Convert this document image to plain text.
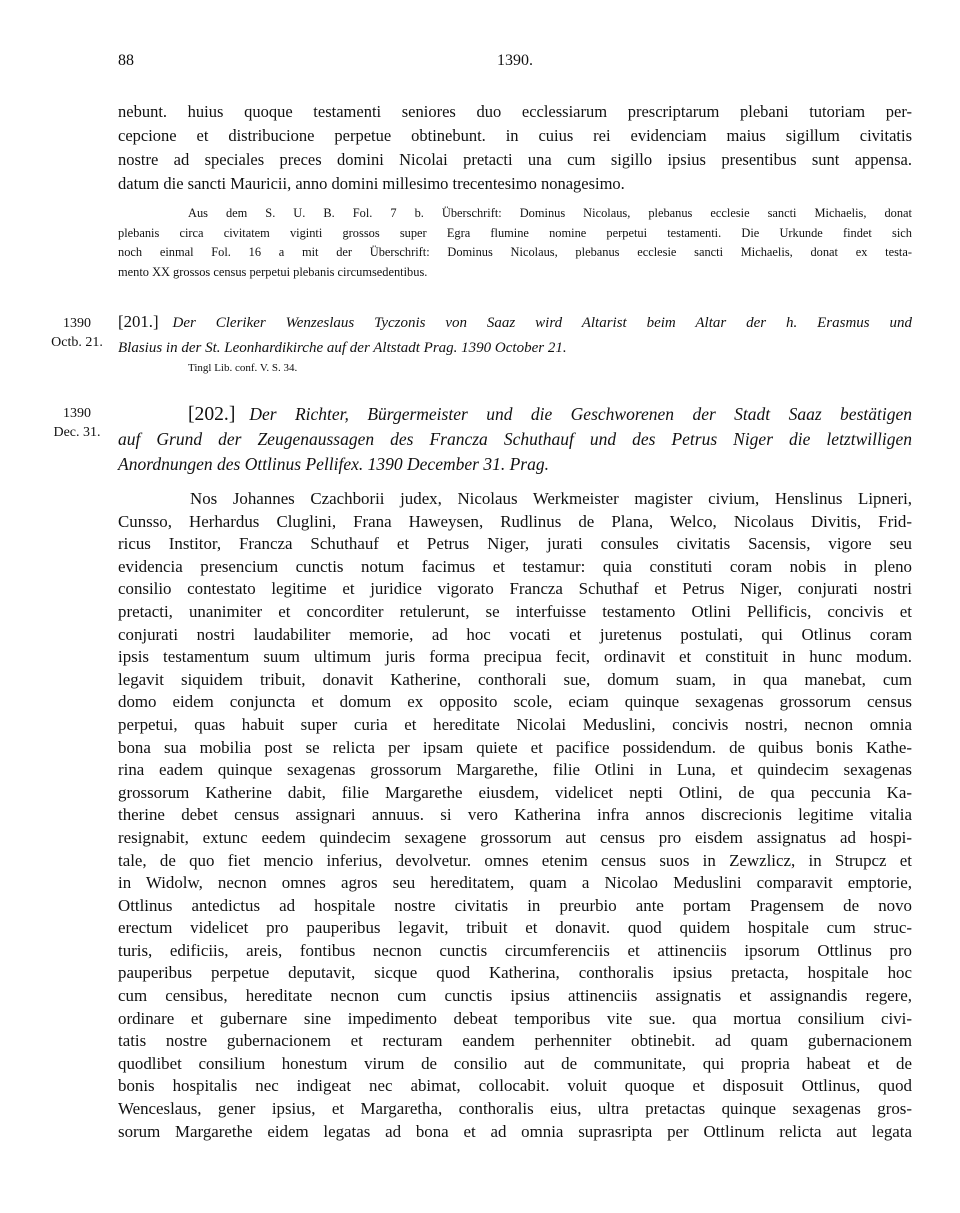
88	1390.

nebunt. huius quoque testamenti seniores duo ecclessiarum prescriptarum plebani tutoriam per-

cepcione et distribucione perpetue obtinebunt. in cuius rei evidenciam maius sigillum civitatis

nostre ad speciales preces domini Nicolai pretacti una cum sigillo ipsius presentibus sunt appensa.

datum die sancti Mauricii, anno domini millesimo trecentesimo nonagesimo.

Aus dem S. U. B. Fol. 7 b. Überschrift: Dominus Nicolaus, plebanus ecclesie sancti Michaelis, donat

plebanis circa civitatem viginti grossos super Egra flumine nomine perpetui testamenti. Die Urkunde findet sich

noch einmal Fol. 16 a mit der Überschrift: Dominus Nicolaus, plebanus ecclesie sancti Michaelis, donat ex testa-

mento XX grossos census perpetui plebanis circumsedentibus.

1390
Octb. 21.

[201.] Der Cleriker Wenzeslaus Tyczonis von Saaz wird Altarist beim Altar der h. Erasmus und

Blasius in der St. Leonhardikirche auf der Altstadt Prag. 1390 October 21.

Tingl Lib. conf. V. S. 34.
1390
Dec. 31.

[202.] Der Richter, Bürgermeister und die Geschworenen der Stadt Saaz bestätigen

auf Grund der Zeugenaussagen des Francza Schuthauf und des Petrus Niger die letztwilligen

Anordnungen des Ottlinus Pellifex. 1390 December 31. Prag.

Nos Johannes Czachborii judex, Nicolaus Werkmeister magister civium, Henslinus Lipneri,

Cunsso, Herhardus Cluglini, Frana Haweysen, Rudlinus de Plana, Welco, Nicolaus Divitis, Frid-

ricus Institor, Francza Schuthauf et Petrus Niger, jurati consules civitatis Sacensis, vigore seu

evidencia presencium cunctis notum facimus et testamur: quia constituti coram nobis in pleno

consilio contestato legitime et juridice vigorato Francza Schuthaf et Petrus Niger, conjurati nostri

pretacti, unanimiter et concorditer retulerunt, se interfuisse testamento Otlini Pellificis, concivis et

conjurati nostri laudabiliter memorie, ad hoc vocati et juretenus postulati, qui Otlinus coram

ipsis testamentum suum ultimum juris forma precipua fecit, ordinavit et constituit in hunc modum.

legavit siquidem tribuit, donavit Katherine, conthorali sue, domum suam, in qua manebat, cum

domo eidem conjuncta et domum ex opposito scole, eciam quinque sexagenas grossorum census

perpetui, quas habuit super curia et hereditate Nicolai Meduslini, concivis nostri, necnon omnia

bona sua mobilia post se relicta per ipsam quiete et pacifice possidendum. de quibus bonis Kathe-

rina eadem quinque sexagenas grossorum Margarethe, filie Otlini in Luna, et quindecim sexagenas

grossorum Katherine dabit, filie Margarethe eiusdem, videlicet nepti Otlini, de qua peccunia Ka-

therine debet census assignari annuus. si vero Katherina infra annos discrecionis legitime vitalia

resignabit, extunc eedem quindecim sexagene grossorum aut census pro eisdem assignatus ad hospi-

tale, de quo fiet mencio inferius, devolvetur. omnes etenim census suos in Zewzlicz, in Strupcz et

in Widolw, necnon omnes agros seu hereditatem, quam a Nicolao Meduslini comparavit emptorie,

Ottlinus antedictus ad hospitale nostre civitatis in preurbio ante portam Pragensem de novo

erectum videlicet pro pauperibus legavit, tribuit et donavit. quod quidem hospitale cum struc-

turis, edificiis, areis, fontibus necnon cunctis circumferenciis et attinenciis ipsorum Ottlinus pro

pauperibus perpetue deputavit, sicque quod Katherina, conthoralis ipsius pretacta, hospitale hoc

cum censibus, hereditate necnon cum cunctis ipsius attinenciis assignatis et assignandis regere,

ordinare et gubernare sine impedimento debeat temporibus vite sue. qua mortua consilium civi-

tatis nostre gubernacionem et recturam eandem perhenniter obtinebit. ad quam gubernacionem

quodlibet consilium honestum virum de consilio aut de communitate, qui propria habeat et de

bonis hospitalis nec indigeat nec abimat, collocabit. voluit quoque et disposuit Ottlinus, quod

Wenceslaus, gener ipsius, et Margaretha, conthoralis eius, ultra pretactas quinque sexagenas gros-

sorum Margarethe eidem legatas ad bona et ad omnia suprasripta per Ottlinum relicta aut legata
